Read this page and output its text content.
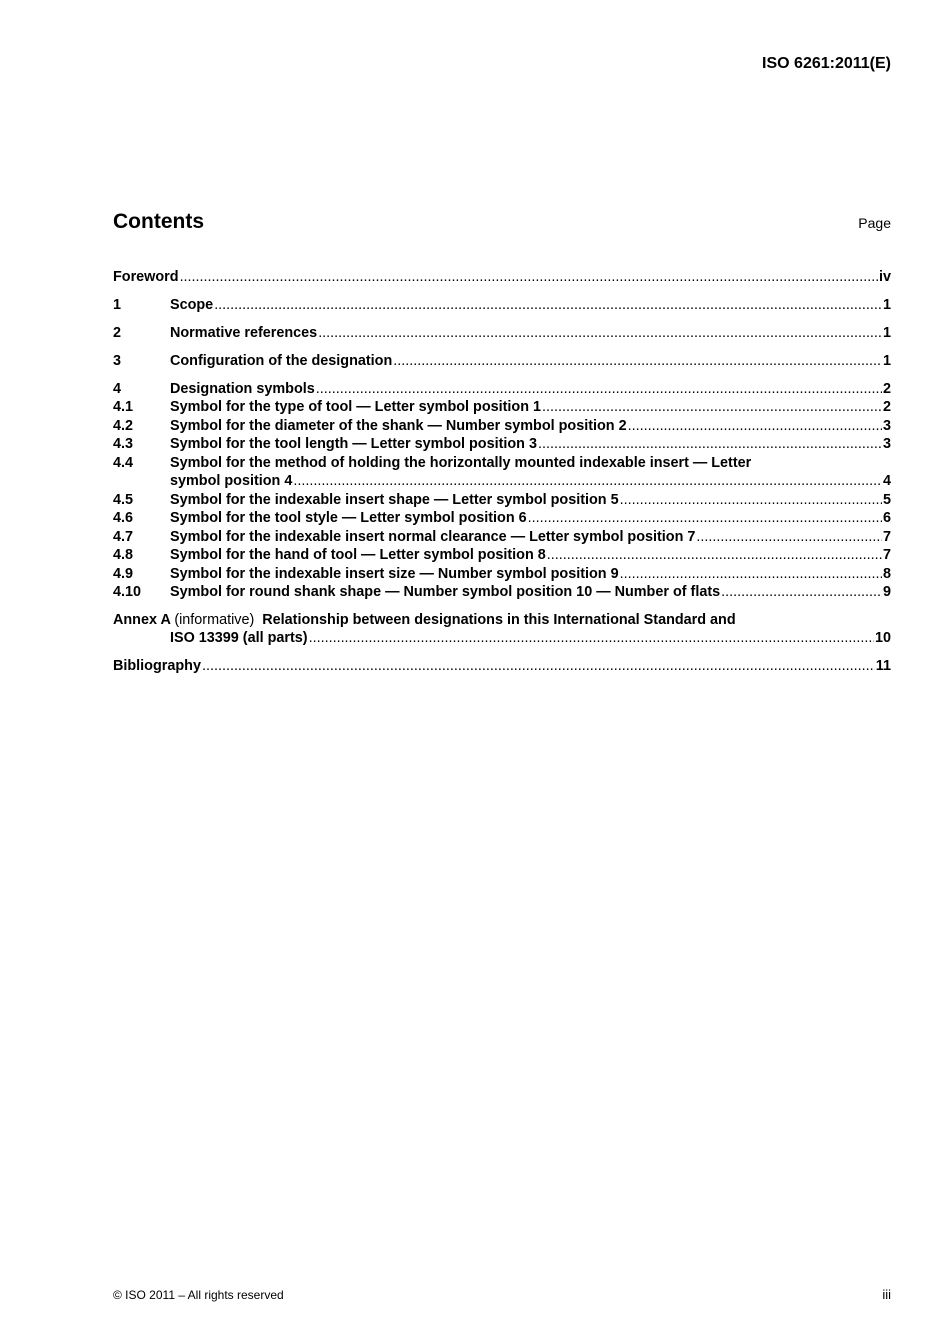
ISO 6261:2011(E)
Contents	Page
Foreword .....	iv
1	Scope .....	1
2	Normative references .....	1
3	Configuration of the designation .....	1
4	Designation symbols .....	2
4.1	Symbol for the type of tool — Letter symbol position 1 .....	2
4.2	Symbol for the diameter of the shank — Number symbol position 2 .....	3
4.3	Symbol for the tool length — Letter symbol position 3 .....	3
4.4	Symbol for the method of holding the horizontally mounted indexable insert — Letter
symbol position 4 .....	4
4.5	Symbol for the indexable insert shape — Letter symbol position 5 .....	5
4.6	Symbol for the tool style — Letter symbol position 6 .....	6
4.7	Symbol for the indexable insert normal clearance — Letter symbol position 7 .....	7
4.8	Symbol for the hand of tool — Letter symbol position 8 .....	7
4.9	Symbol for the indexable insert size — Number symbol position 9 .....	8
4.10	Symbol for round shank shape — Number symbol position 10 — Number of flats .....	9
Annex A (informative) Relationship between designations in this International Standard and
ISO 13399 (all parts) .....	10
Bibliography .....	11
© ISO 2011 – All rights reserved	iii
